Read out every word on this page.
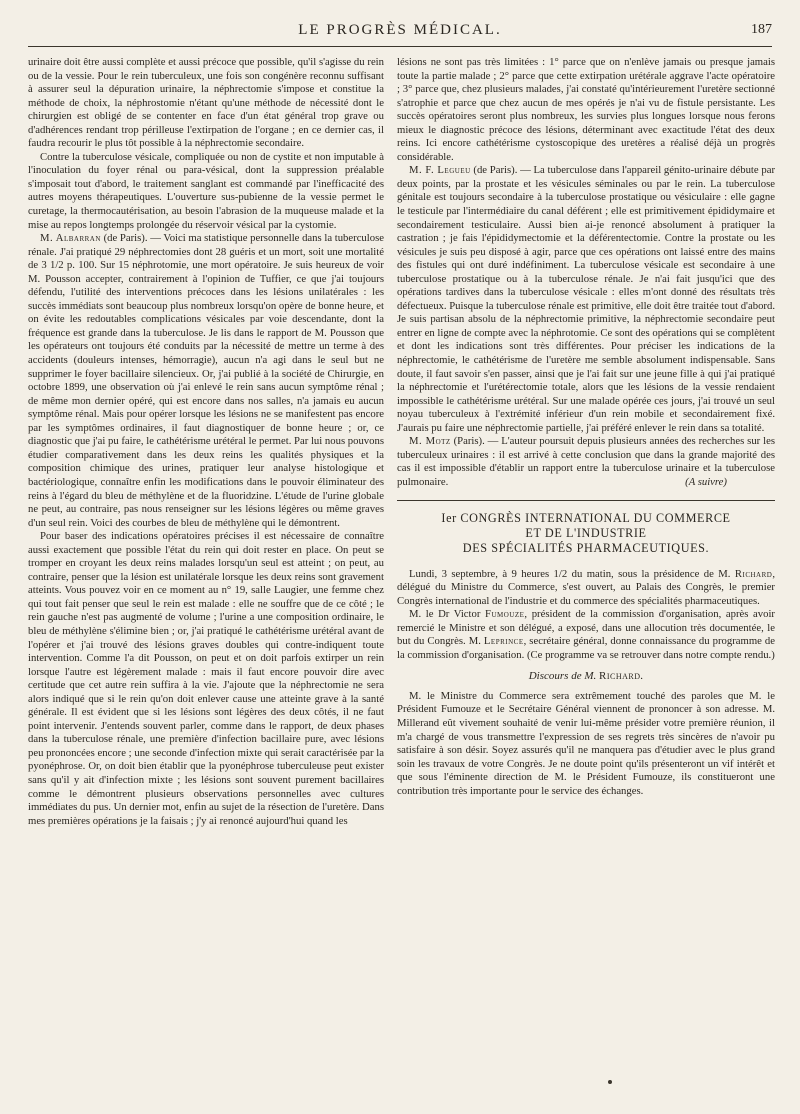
LE PROGRÈS MÉDICAL.	187

urinaire doit être aussi complète et aussi précoce que possible, qu'il s'agisse du rein ou de la vessie. Pour le rein tuberculeux, une fois son congénère reconnu suffisant à assurer seul la dépuration urinaire, la néphrectomie s'impose et constitue la méthode de choix, la néphrostomie n'étant qu'une méthode de nécessité dont le chirurgien est obligé de se contenter en face d'un état général trop grave ou d'adhérences rendant trop périlleuse l'extirpation de l'organe ; en ce dernier cas, il faudra recourir le plus tôt possible à la néphrectomie secondaire.

Contre la tuberculose vésicale, compliquée ou non de cystite et non imputable à l'inoculation du foyer rénal ou para-vésical, dont la suppression préalable s'imposait tout d'abord, le traitement sanglant est commandé par l'inefficacité des autres moyens thérapeutiques. L'ouverture sus-pubienne de la vessie permet le curetage, la thermocautérisation, au besoin l'abrasion de la muqueuse malade et la mise au repos longtemps prolongée du réservoir vésical par la cystomie.

M. Albarran (de Paris). — Voici ma statistique personnelle dans la tuberculose rénale. J'ai pratiqué 29 néphrectomies dont 28 guéris et un mort, soit une mortalité de 3 1/2 p. 100. Sur 15 néphrotomie, une mort opératoire. Je suis heureux de voir M. Pousson accepter, contrairement à l'opinion de Tuffier, ce que j'ai toujours défendu, l'utilité des interventions précoces dans les lésions unilatérales : les succès immédiats sont beaucoup plus nombreux lorsqu'on opère de bonne heure, et on évite les redoutables complications vésicales par voie descendante, dont la fréquence est grande dans la tuberculose. Je lis dans le rapport de M. Pousson que les opérateurs ont toujours été conduits par la nécessité de mettre un terme à des accidents (douleurs intenses, hémorragie), aucun n'a agi dans le seul but ne supprimer le foyer bacillaire silencieux. Or, j'ai publié à la société de Chirurgie, en octobre 1899, une observation où j'ai enlevé le rein sans aucun symptôme rénal ; de même mon dernier opéré, qui est encore dans nos salles, n'a jamais eu aucun symptôme rénal. Mais pour opérer lorsque les lésions ne se manifestent pas encore par les symptômes ordinaires, il faut diagnostiquer de bonne heure ; or, ce diagnostic que j'ai pu faire, le cathétérisme urétéral le permet. Par lui nous pouvons étudier comparativement dans les deux reins les qualités physiques et la composition chimique des urines, pratiquer leur analyse histologique et bactériologique, connaître enfin les modifications dans le pouvoir éliminateur des reins à l'égard du bleu de méthylène et de la fluoridzine. L'étude de l'urine globale ne peut, au contraire, pas nous renseigner sur les lésions légères ou même graves d'un seul rein. Voici des courbes de bleu de méthylène qui le démontrent.

Pour baser des indications opératoires précises il est nécessaire de connaître aussi exactement que possible l'état du rein qui doit rester en place. On peut se tromper en croyant les deux reins malades lorsqu'un seul est atteint ; on peut, au contraire, penser que la lésion est unilatérale lorsque les deux reins sont gravement atteints. Vous pouvez voir en ce moment au n° 19, salle Laugier, une femme chez qui tout fait penser que seul le rein est malade : elle ne souffre que de ce côté ; le rein gauche n'est pas augmenté de volume ; l'urine a une composition ordinaire, le bleu de méthylène s'élimine bien ; or, j'ai pratiqué le cathétérisme urétéral avant de l'opérer et j'ai trouvé des lésions graves doubles qui contre-indiquent toute intervention. Comme l'a dit Pousson, on peut et on doit parfois extirper un rein lorsque l'autre est légèrement malade : mais il faut encore pouvoir dire avec certitude que cet autre rein suffira à la vie. J'ajoute que la néphrectomie ne sera alors indiqué que si le rein qu'on doit enlever cause une atteinte grave à la santé générale. Il est évident que si les lésions sont légères des deux côtés, il ne faut point intervenir. J'entends souvent parler, comme dans le rapport, de deux phases dans la tuberculose rénale, une première d'infection bacillaire pure, avec lésions peu prononcées encore ; une seconde d'infection mixte qui serait caractérisée par la pyonéphrose. Or, on doit bien établir que la pyonéphrose tuberculeuse peut exister sans qu'il y ait d'infection mixte ; les lésions sont souvent purement bacillaires comme le démontrent plusieurs observations personnelles avec cultures immédiates du pus. Un dernier mot, enfin au sujet de la résection de l'uretère. Dans mes premières opérations je la faisais ; j'y ai renoncé aujourd'hui quand les

lésions ne sont pas très limitées : 1° parce que on n'enlève jamais ou presque jamais toute la partie malade ; 2° parce que cette extirpation urétérale aggrave l'acte opératoire ; 3° parce que, chez plusieurs malades, j'ai constaté qu'intérieurement l'uretère sectionné s'atrophie et parce que chez aucun de mes opérés je n'ai vu de fistule persistante. Les succès opératoires seront plus nombreux, les survies plus longues lorsque nous ferons mieux le diagnostic précoce des lésions, déterminant avec exactitude l'état des deux reins. Ici encore cathétérisme cystoscopique des uretères a réalisé déjà un progrès considérable.

M. F. Legueu (de Paris). — La tuberculose dans l'appareil génito-urinaire débute par deux points, par la prostate et les vésicules séminales ou par le rein. La tuberculose génitale est toujours secondaire à la tuberculose prostatique ou vésiculaire : elle gagne le testicule par l'intermédiaire du canal déférent ; elle est primitivement épididymaire et secondairement testiculaire. Aussi bien ai-je renoncé absolument à pratiquer la castration ; je fais l'épididymectomie et la déférentectomie. Contre la prostate ou les vésicules je suis peu disposé à agir, parce que ces opérations ont laissé entre des mains des fistules qui ont duré indéfiniment. La tuberculose vésicale est secondaire à une tuberculose prostatique ou à la tuberculose rénale. Je n'ai fait jusqu'ici que des opérations tardives dans la tuberculose vésicale : elles m'ont donné des résultats très défectueux. Puisque la tuberculose rénale est primitive, elle doit être traitée tout d'abord. Je suis partisan absolu de la néphrectomie primitive, la néphrectomie secondaire peut entrer en ligne de compte avec la néphrotomie. Ce sont des opérations qui se complètent et dont les indications sont très différentes. Pour préciser les indications de la néphrectomie, le cathétérisme de l'uretère me semble absolument indispensable. Sans doute, il faut savoir s'en passer, ainsi que je l'ai fait sur une jeune fille à qui j'ai pratiqué la néphrectomie et l'urétérectomie totale, alors que les lésions de la vessie rendaient impossible le cathétérisme urétéral. Sur une malade opérée ces jours, j'ai trouvé un seul noyau tuberculeux à l'extrémité inférieur d'un rein mobile et secondairement fixé. J'aurais pu faire une néphrectomie partielle, j'ai préféré enlever le rein dans sa totalité.

M. Motz (Paris). — L'auteur poursuit depuis plusieurs années des recherches sur les tuberculeux urinaires : il est arrivé à cette conclusion que dans la grande majorité des cas il est impossible d'établir un rapport entre la tuberculose urinaire et la tuberculose pulmonaire.	(A suivre)

Ier CONGRÈS INTERNATIONAL DU COMMERCE
ET DE L'INDUSTRIE
DES SPÉCIALITÉS PHARMACEUTIQUES.

Lundi, 3 septembre, à 9 heures 1/2 du matin, sous la présidence de M. Richard, délégué du Ministre du Commerce, s'est ouvert, au Palais des Congrès, le premier Congrès international de l'industrie et du commerce des spécialités pharmaceutiques.

M. le Dr Victor Fumouze, président de la commission d'organisation, après avoir remercié le Ministre et son délégué, a exposé, dans une allocution très documentée, le but du Congrès. M. Leprince, secrétaire général, donne connaissance du programme de la commission d'organisation. (Ce programme va se retrouver dans notre compte rendu.)

Discours de M. Richard.

M. le Ministre du Commerce sera extrêmement touché des paroles que M. le Président Fumouze et le Secrétaire Général viennent de prononcer à son adresse. M. Millerand eût vivement souhaité de venir lui-même présider votre première réunion, il m'a chargé de vous transmettre l'expression de ses regrets très sincères de n'avoir pu satisfaire à son désir. Soyez assurés qu'il ne manquera pas d'étudier avec le plus grand soin les travaux de votre Congrès. Je ne doute point qu'ils présenteront un vif intérêt et que sous l'éminente direction de M. le Président Fumouze, ils constitueront une contribution très importante pour le service des échanges.
